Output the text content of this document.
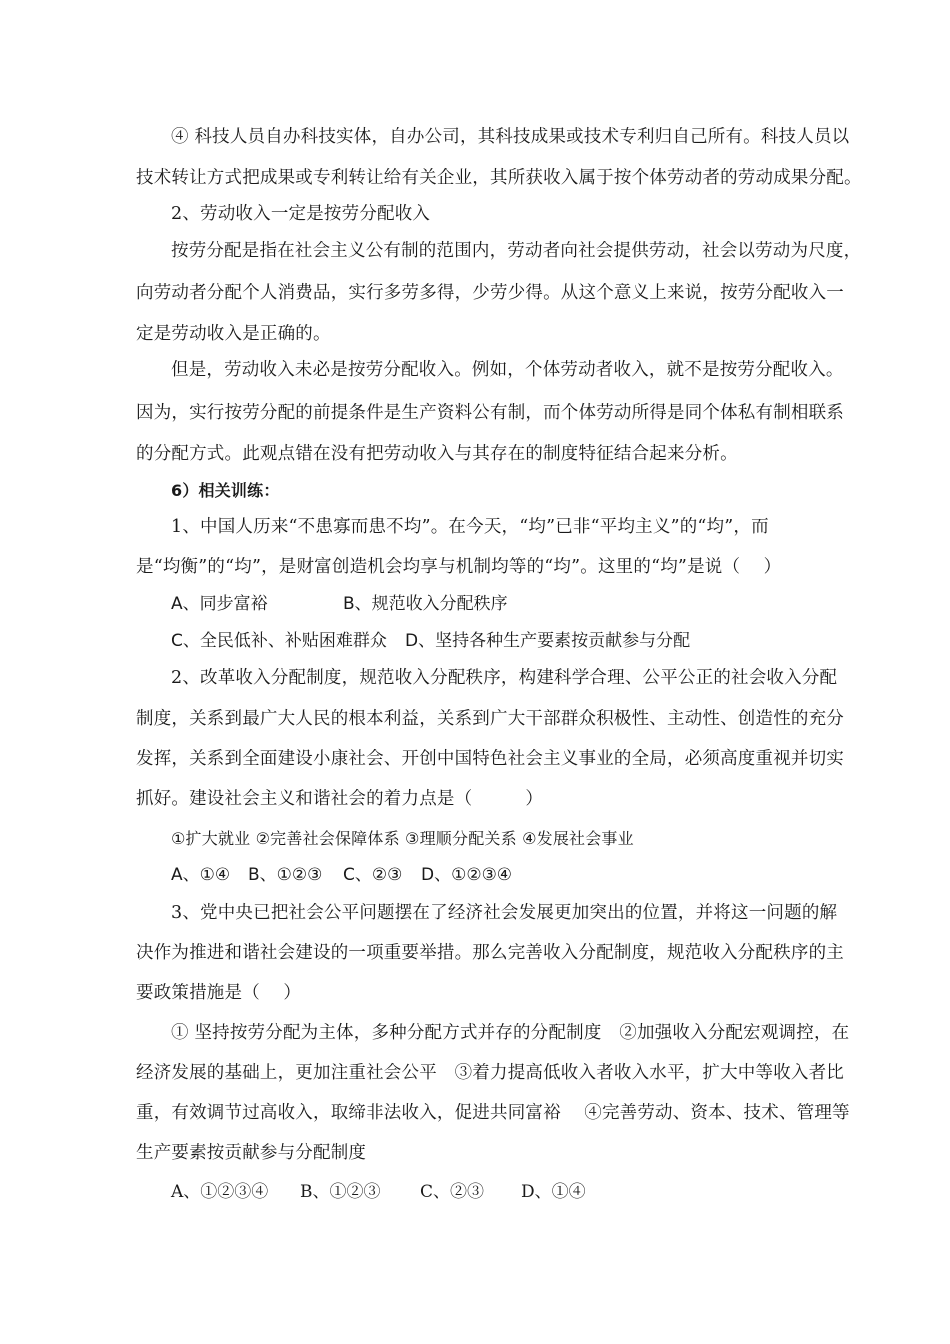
④ 科技人员自办科技实体，自办公司，其科技成果或技术专利归自己所有。科技人员以
技术转让方式把成果或专利转让给有关企业，其所获收入属于按个体劳动者的劳动成果分配。
2、劳动收入一定是按劳分配收入
按劳分配是指在社会主义公有制的范围内，劳动者向社会提供劳动，社会以劳动为尺度，
向劳动者分配个人消费品，实行多劳多得，少劳少得。从这个意义上来说，按劳分配收入一
定是劳动收入是正确的。
但是，劳动收入未必是按劳分配收入。例如，个体劳动者收入，就不是按劳分配收入。
因为，实行按劳分配的前提条件是生产资料公有制，而个体劳动所得是同个体私有制相联系
的分配方式。此观点错在没有把劳动收入与其存在的制度特征结合起来分析。
6）相关训练：
1、中国人历来“不患寡而患不均”。在今天，“均”已非“平均主义”的“均”，而
是“均衡”的“均”，是财富创造机会均享与机制均等的“均”。这里的“均”是说（　 ）
A、同步富裕	B、规范收入分配秩序
C、全民低补、补贴困难群众 D、坚持各种生产要素按贡献参与分配
2、改革收入分配制度，规范收入分配秩序，构建科学合理、公平公正的社会收入分配
制度，关系到最广大人民的根本利益，关系到广大干部群众积极性、主动性、创造性的充分
发挥，关系到全面建设小康社会、开创中国特色社会主义事业的全局，必须高度重视并切实
抓好。建设社会主义和谐社会的着力点是（　　　）
①扩大就业 ②完善社会保障体系 ③理顺分配关系 ④发展社会事业
A、①④ B、①②③ C、②③ D、①②③④
3、党中央已把社会公平问题摆在了经济社会发展更加突出的位置，并将这一问题的解
决作为推进和谐社会建设的一项重要举措。那么完善收入分配制度，规范收入分配秩序的主
要政策措施是（　 ）
① 坚持按劳分配为主体，多种分配方式并存的分配制度　②加强收入分配宏观调控，在
经济发展的基础上，更加注重社会公平　③着力提高低收入者收入水平，扩大中等收入者比
重，有效调节过高收入，取缔非法收入，促进共同富裕　 ④完善劳动、资本、技术、管理等
生产要素按贡献参与分配制度
A、①②③④ B、①②③ C、②③ D、①④
